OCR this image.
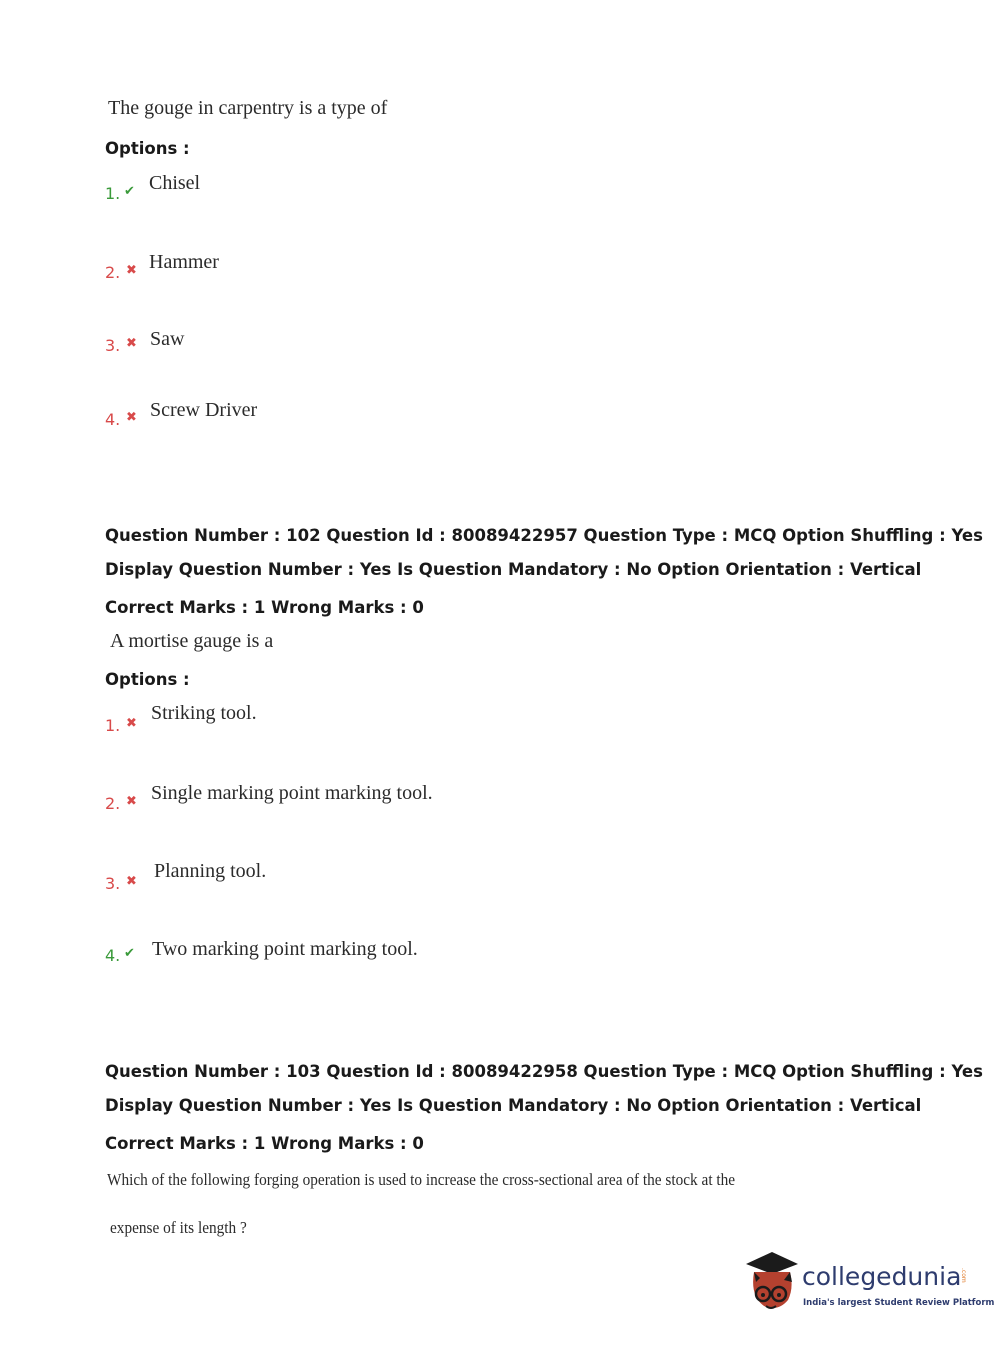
The gouge in carpentry is a type of
Options :
1. ✔ Chisel
2. ✖ Hammer
3. ✖ Saw
4. ✖ Screw Driver
Question Number : 102 Question Id : 80089422957 Question Type : MCQ Option Shuffling : Yes
Display Question Number : Yes Is Question Mandatory : No Option Orientation : Vertical
Correct Marks : 1 Wrong Marks : 0
A mortise gauge is a
Options :
1. ✖ Striking tool.
2. ✖ Single marking point marking tool.
3. ✖ Planning tool.
4. ✔ Two marking point marking tool.
Question Number : 103 Question Id : 80089422958 Question Type : MCQ Option Shuffling : Yes
Display Question Number : Yes Is Question Mandatory : No Option Orientation : Vertical
Correct Marks : 1 Wrong Marks : 0
Which of the following forging operation is used to increase the cross-sectional area of the stock at the
expense of its length ?
collegedunia
.com
India's largest Student Review Platform
